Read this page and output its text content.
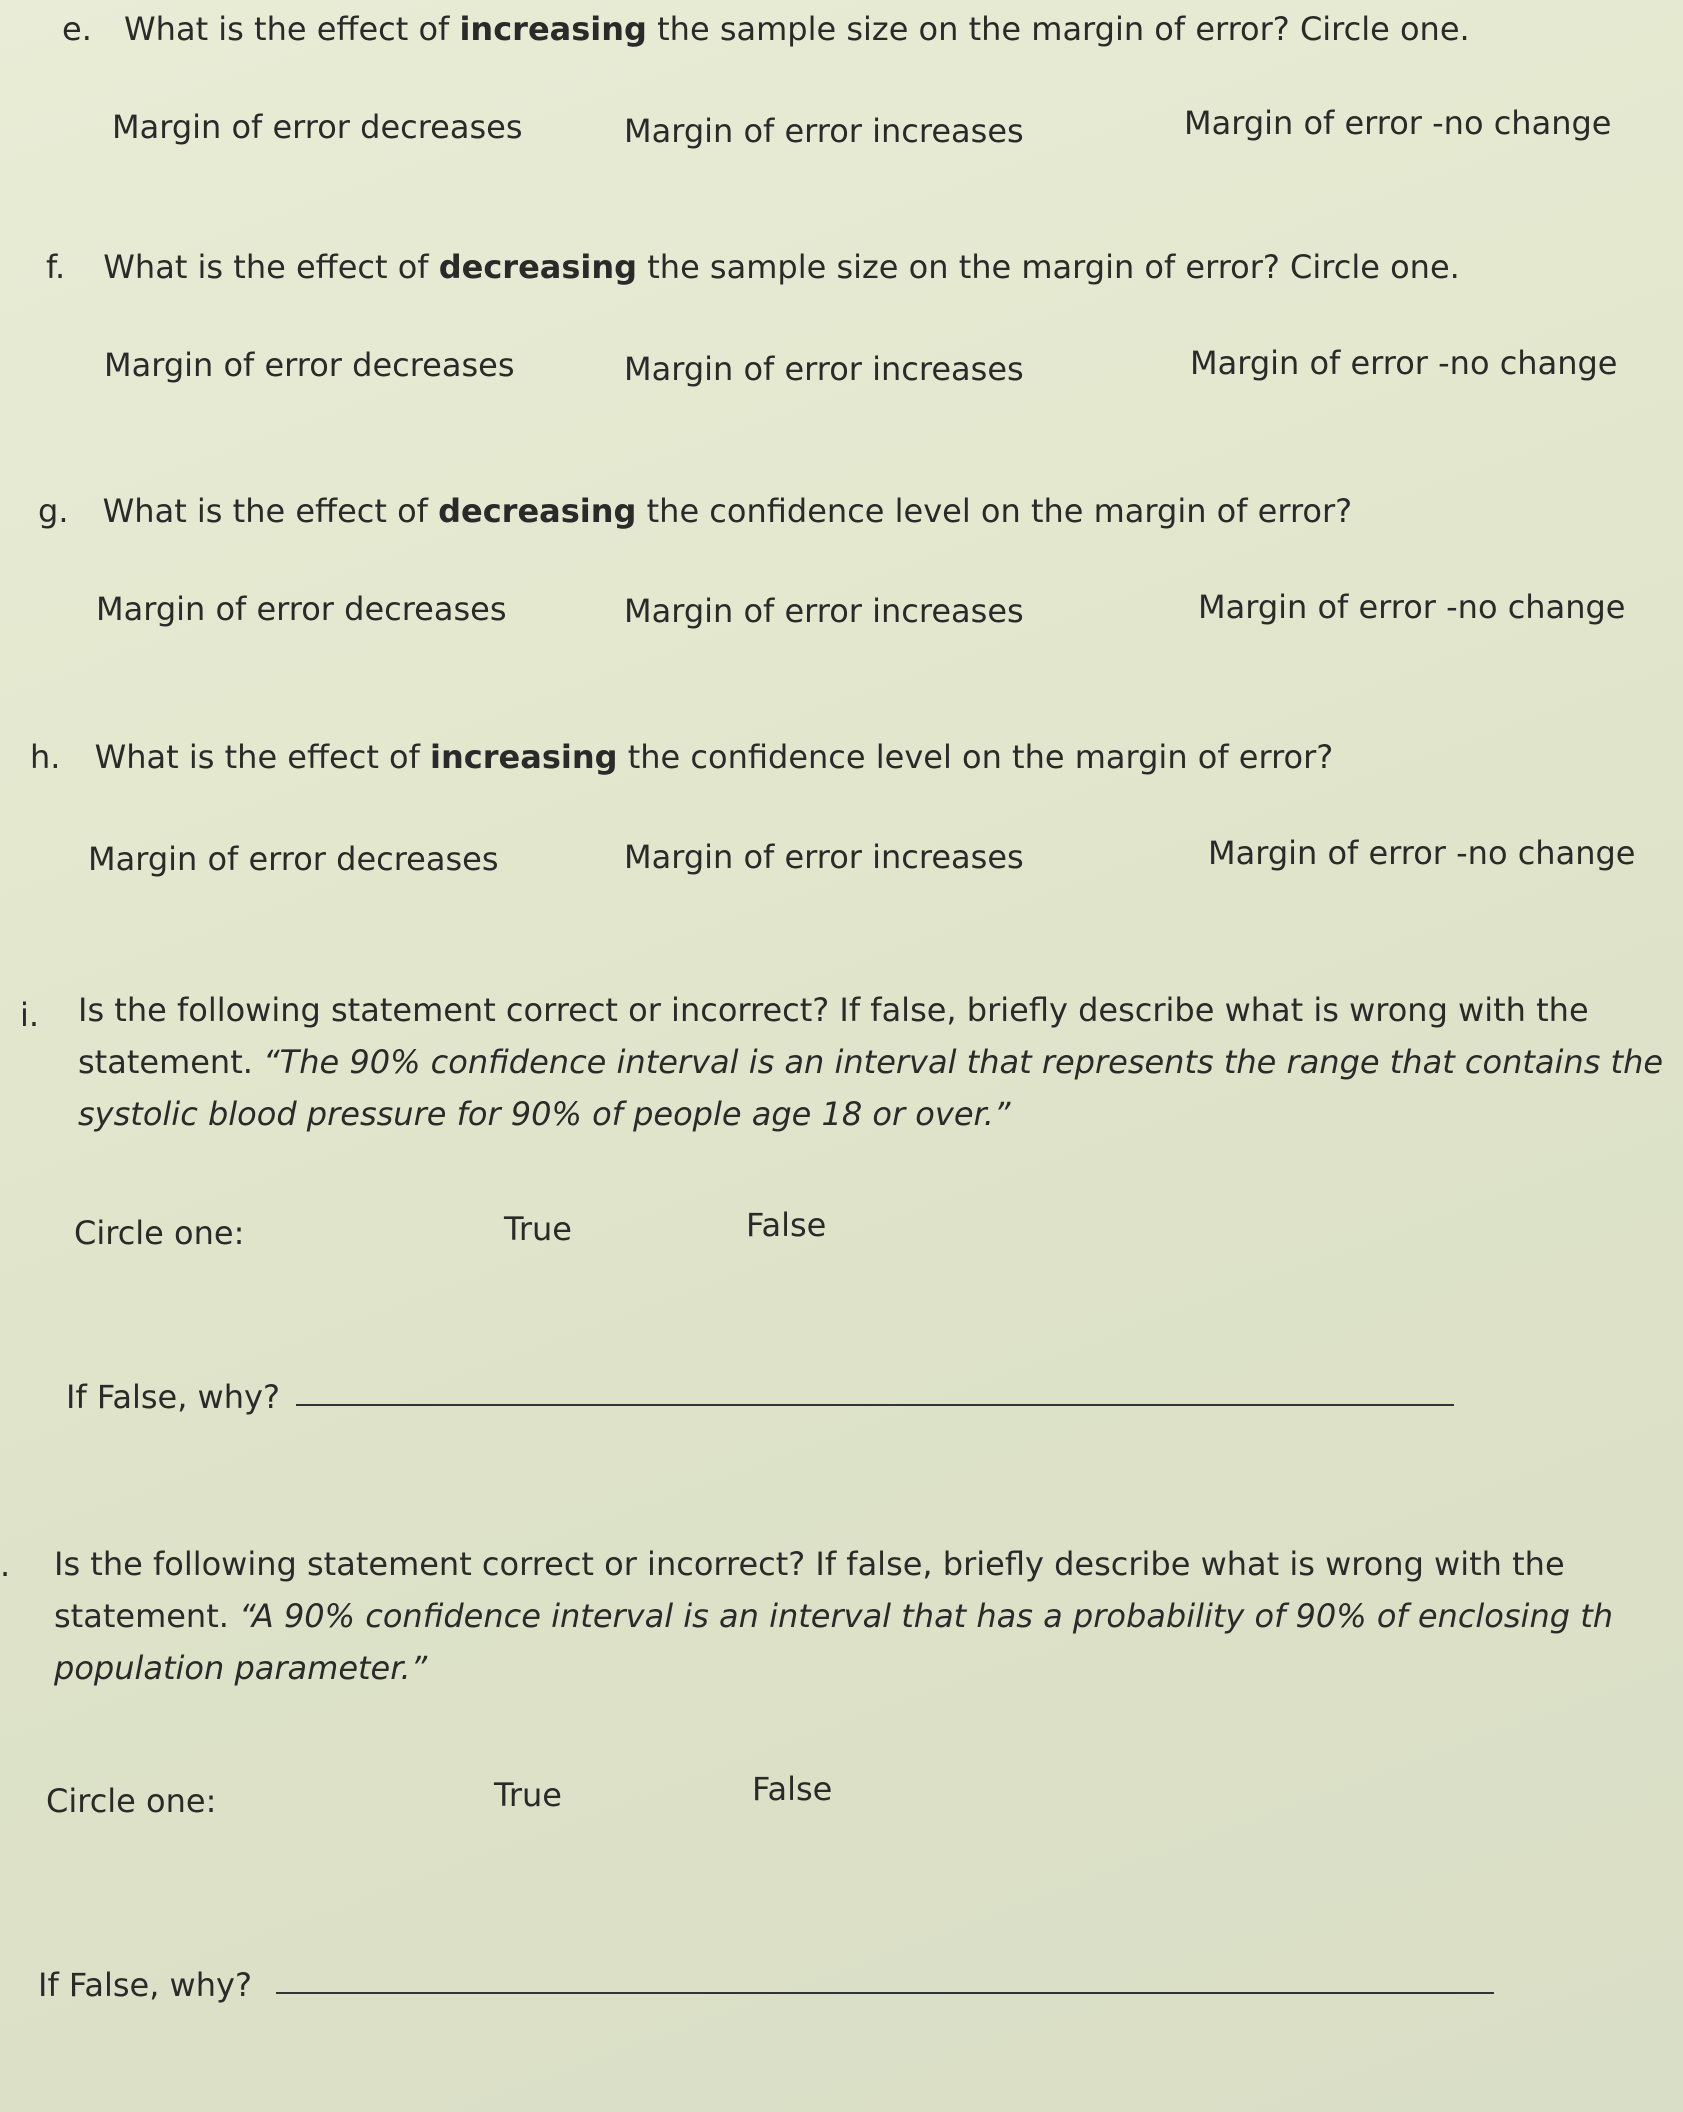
e. What is the effect of increasing the sample size on the margin of error? Circle one.
Margin of error decreases	Margin of error increases	Margin of error -no change
f. What is the effect of decreasing the sample size on the margin of error? Circle one.
Margin of error decreases	Margin of error increases	Margin of error -no change
g. What is the effect of decreasing the confidence level on the margin of error?
Margin of error decreases	Margin of error increases	Margin of error -no change
h. What is the effect of increasing the confidence level on the margin of error?
Margin of error decreases	Margin of error increases	Margin of error -no change
i. Is the following statement correct or incorrect? If false, briefly describe what is wrong with the statement. “The 90% confidence interval is an interval that represents the range that contains the systolic blood pressure for 90% of people age 18 or over.”
Circle one:	True	False
If False, why?
. Is the following statement correct or incorrect? If false, briefly describe what is wrong with the statement. “A 90% confidence interval is an interval that has a probability of 90% of enclosing th population parameter.”
Circle one:	True	False
If False, why?
